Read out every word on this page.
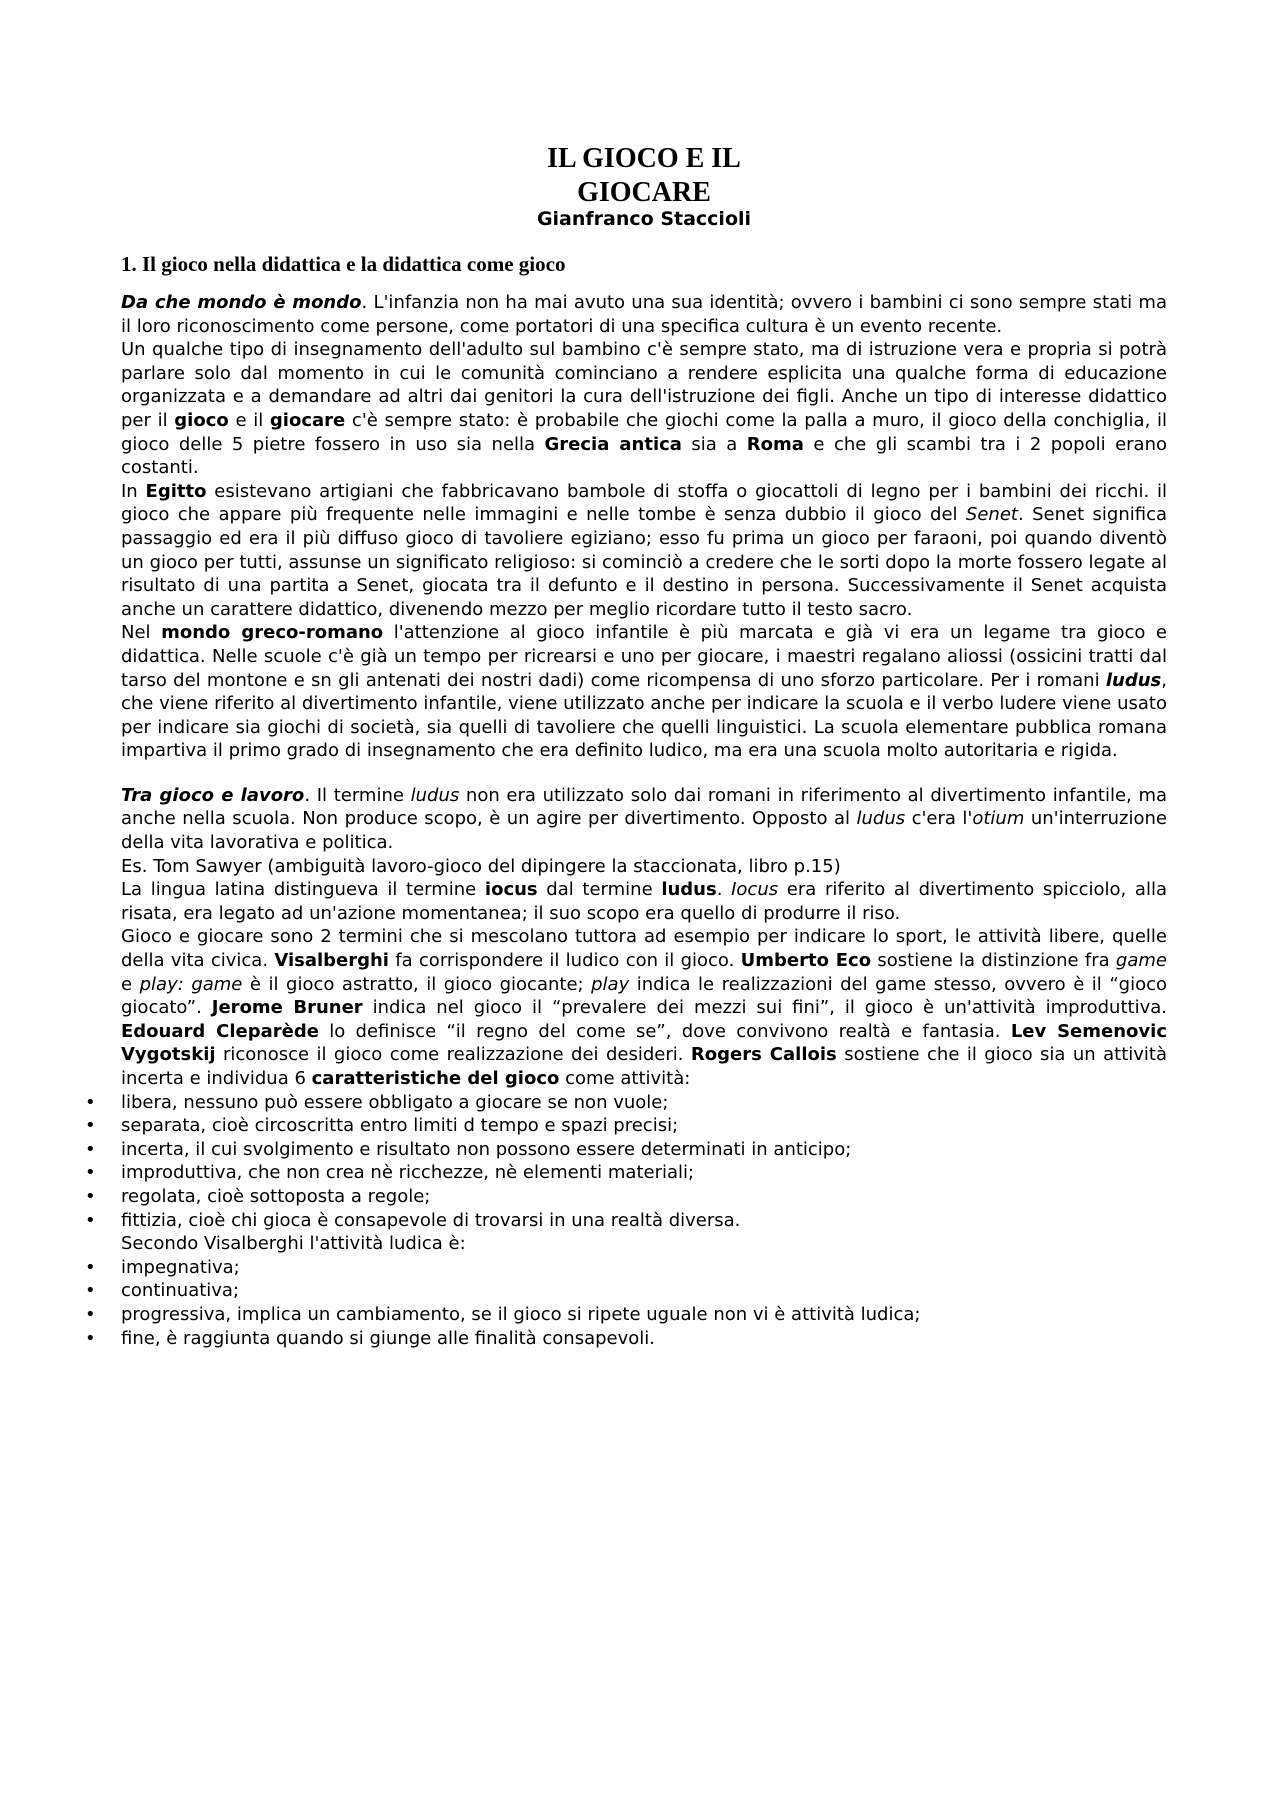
IL GIOCO E IL
GIOCARE
Gianfranco Staccioli
1. Il gioco nella didattica e la didattica come gioco

Da che mondo è mondo. L'infanzia non ha mai avuto una sua identità; ovvero i bambini ci sono sempre stati ma il loro riconoscimento come persone, come portatori di una specifica cultura è un evento recente.

Un qualche tipo di insegnamento dell'adulto sul bambino c'è sempre stato, ma di istruzione vera e propria si potrà parlare solo dal momento in cui le comunità cominciano a rendere esplicita una qualche forma di educazione organizzata e a demandare ad altri dai genitori la cura dell'istruzione dei figli. Anche un tipo di interesse didattico per il gioco e il giocare c'è sempre stato: è probabile che giochi come la palla a muro, il gioco della conchiglia, il gioco delle 5 pietre fossero in uso sia nella Grecia antica sia a Roma e che gli scambi tra i 2 popoli erano costanti.

In Egitto esistevano artigiani che fabbricavano bambole di stoffa o giocattoli di legno per i bambini dei ricchi. il gioco che appare più frequente nelle immagini e nelle tombe è senza dubbio il gioco del Senet. Senet significa passaggio ed era il più diffuso gioco di tavoliere egiziano; esso fu prima un gioco per faraoni, poi quando diventò un gioco per tutti, assunse un significato religioso: si cominciò a credere che le sorti dopo la morte fossero legate al risultato di una partita a Senet, giocata tra il defunto e il destino in persona. Successivamente il Senet acquista anche un carattere didattico, divenendo mezzo per meglio ricordare tutto il testo sacro.

Nel mondo greco-romano l'attenzione al gioco infantile è più marcata e già vi era un legame tra gioco e didattica. Nelle scuole c'è già un tempo per ricrearsi e uno per giocare, i maestri regalano aliossi (ossicini tratti dal tarso del montone e sn gli antenati dei nostri dadi) come ricompensa di uno sforzo particolare. Per i romani ludus, che viene riferito al divertimento infantile, viene utilizzato anche per indicare la scuola e il verbo ludere viene usato per indicare sia giochi di società, sia quelli di tavoliere che quelli linguistici. La scuola elementare pubblica romana impartiva il primo grado di insegnamento che era definito ludico, ma era una scuola molto autoritaria e rigida.

Tra gioco e lavoro. Il termine ludus non era utilizzato solo dai romani in riferimento al divertimento infantile, ma anche nella scuola. Non produce scopo, è un agire per divertimento. Opposto al ludus c'era l'otium un'interruzione della vita lavorativa e politica.

Es. Tom Sawyer (ambiguità lavoro-gioco del dipingere la staccionata, libro p.15)

La lingua latina distingueva il termine iocus dal termine ludus. Iocus era riferito al divertimento spicciolo, alla risata, era legato ad un'azione momentanea; il suo scopo era quello di produrre il riso.

Gioco e giocare sono 2 termini che si mescolano tuttora ad esempio per indicare lo sport, le attività libere, quelle della vita civica. Visalberghi fa corrispondere il ludico con il gioco. Umberto Eco sostiene la distinzione fra game e play: game è il gioco astratto, il gioco giocante; play indica le realizzazioni del game stesso, ovvero è il “gioco giocato”. Jerome Bruner indica nel gioco il “prevalere dei mezzi sui fini”, il gioco è un'attività improduttiva. Edouard Cleparède lo definisce “il regno del come se”, dove convivono realtà e fantasia. Lev Semenovic Vygotskij riconosce il gioco come realizzazione dei desideri. Rogers Callois sostiene che il gioco sia un attività incerta e individua 6 caratteristiche del gioco come attività:

• libera, nessuno può essere obbligato a giocare se non vuole;
• separata, cioè circoscritta entro limiti d tempo e spazi precisi;
• incerta, il cui svolgimento e risultato non possono essere determinati in anticipo;
• improduttiva, che non crea nè ricchezze, nè elementi materiali;
• regolata, cioè sottoposta a regole;
• fittizia, cioè chi gioca è consapevole di trovarsi in una realtà diversa.

Secondo Visalberghi l'attività ludica è:

• impegnativa;
• continuativa;
• progressiva, implica un cambiamento, se il gioco si ripete uguale non vi è attività ludica;
• fine, è raggiunta quando si giunge alle finalità consapevoli.
